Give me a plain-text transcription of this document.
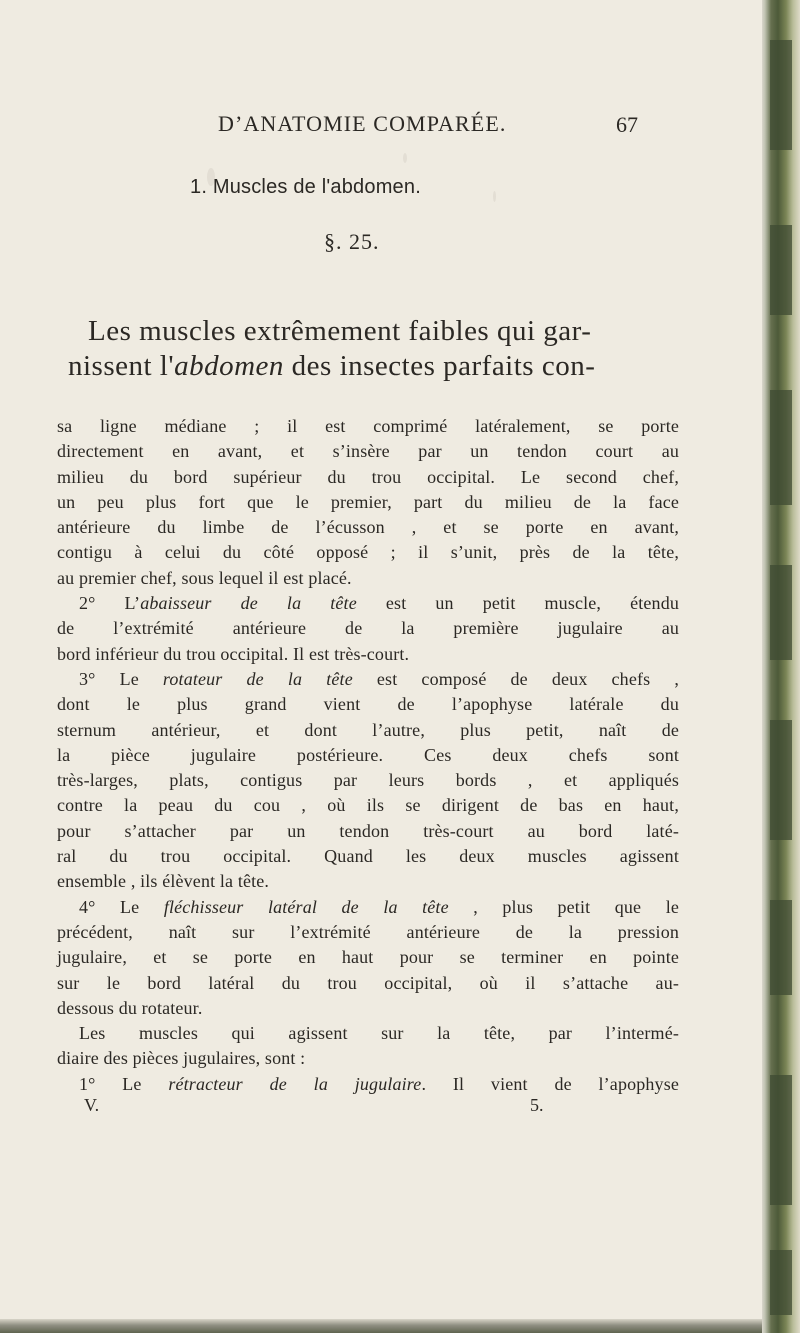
D’ANATOMIE COMPARÉE.	67
1. Muscles de l'abdomen.
§. 25.
Les muscles extrêmement faibles qui gar-
nissent l'abdomen des insectes parfaits con-
sa ligne médiane ; il est comprimé latéralement, se porte
directement en avant, et s’insère par un tendon court au
milieu du bord supérieur du trou occipital. Le second chef,
un peu plus fort que le premier, part du milieu de la face
antérieure du limbe de l’écusson , et se porte en avant,
contigu à celui du côté opposé ; il s’unit, près de la tête,
au premier chef, sous lequel il est placé.
2° L’abaisseur de la tête est un petit muscle, étendu
de l’extrémité antérieure de la première jugulaire au
bord inférieur du trou occipital. Il est très-court.
3° Le rotateur de la tête est composé de deux chefs ,
dont le plus grand vient de l’apophyse latérale du
sternum antérieur, et dont l’autre, plus petit, naît de
la pièce jugulaire postérieure. Ces deux chefs sont
très-larges, plats, contigus par leurs bords , et appliqués
contre la peau du cou , où ils se dirigent de bas en haut,
pour s’attacher par un tendon très-court au bord laté-
ral du trou occipital. Quand les deux muscles agissent
ensemble , ils élèvent la tête.
4° Le fléchisseur latéral de la tête , plus petit que le
précédent, naît sur l’extrémité antérieure de la pression
jugulaire, et se porte en haut pour se terminer en pointe
sur le bord latéral du trou occipital, où il s’attache au-
dessous du rotateur.
Les muscles qui agissent sur la tête, par l’intermé-
diaire des pièces jugulaires, sont :
1° Le rétracteur de la jugulaire. Il vient de l’apophyse
V.	5.
